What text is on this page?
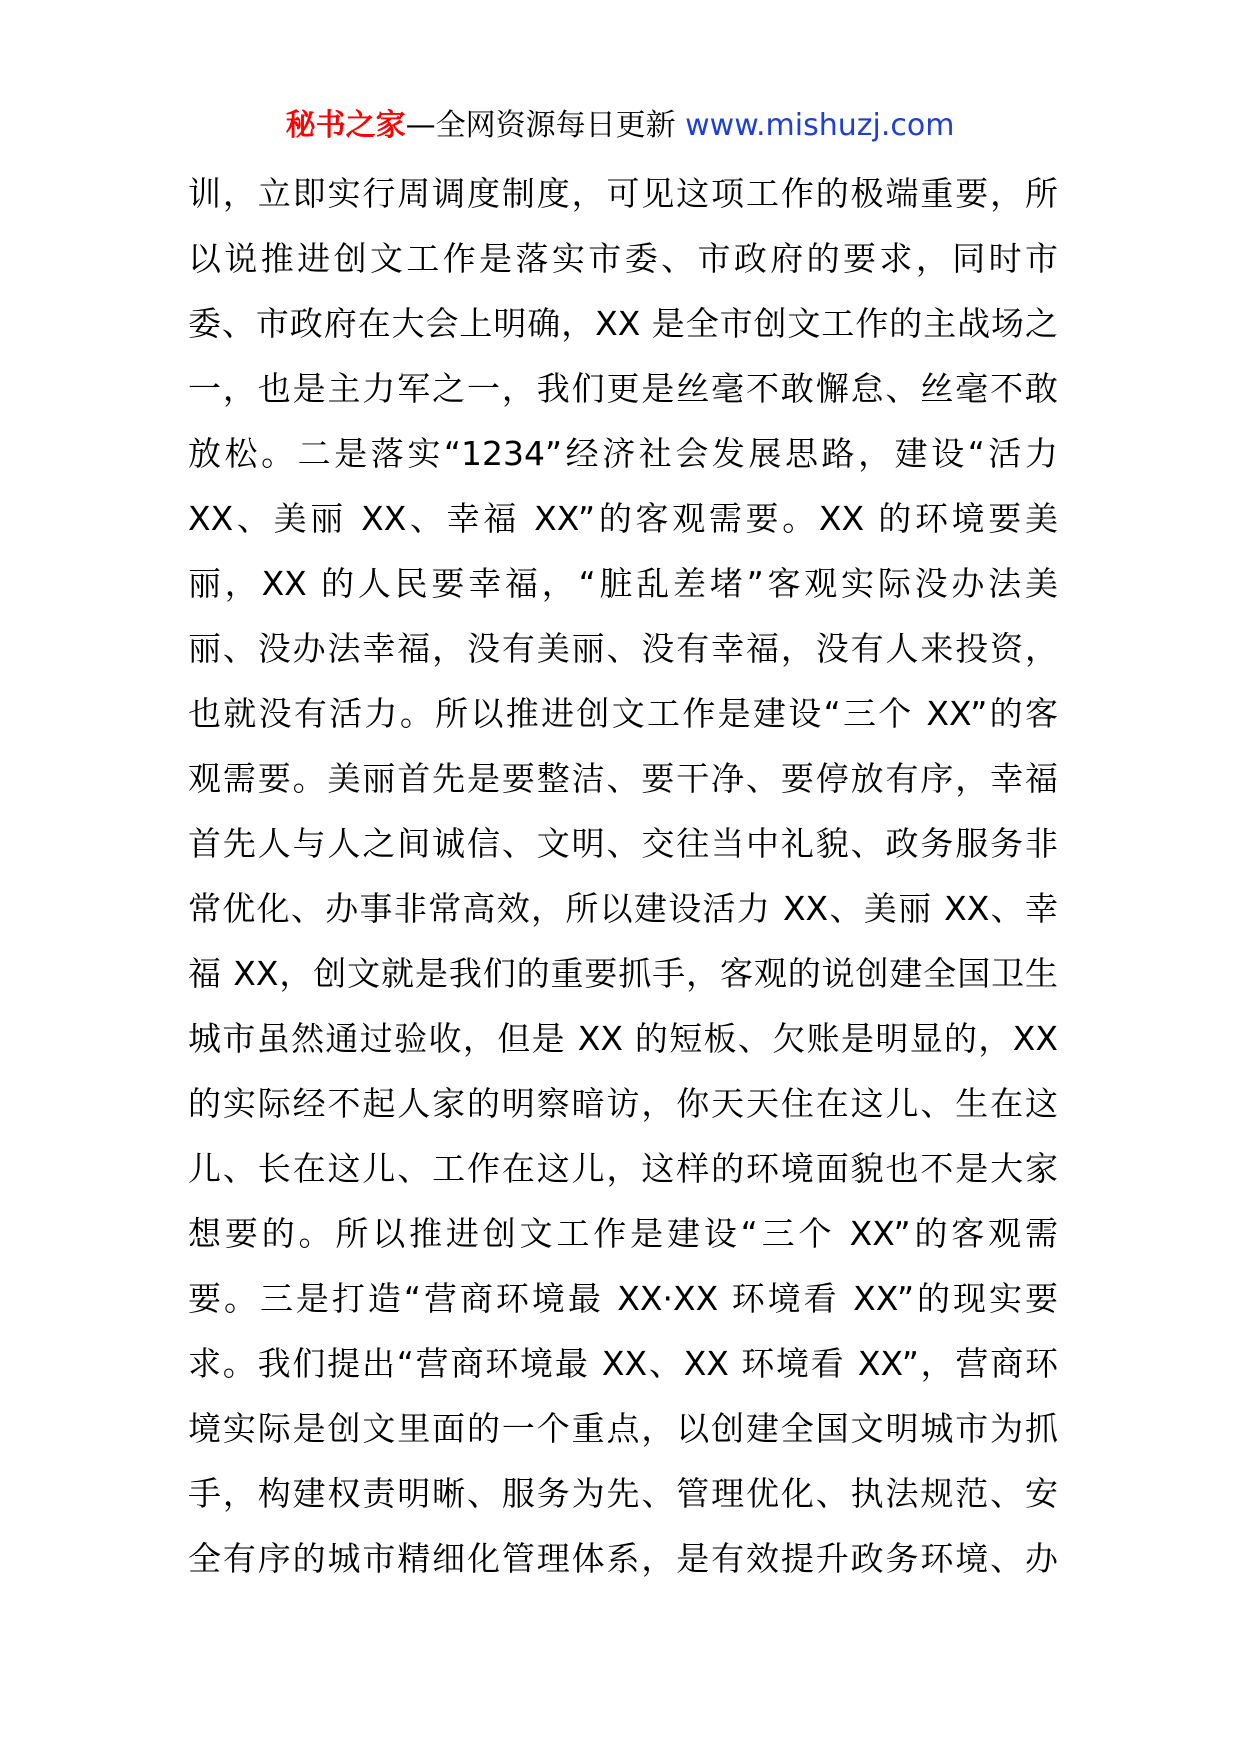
秘书之家—全网资源每日更新 www.mishuzj.com
训，立即实行周调度制度，可见这项工作的极端重要，所
以说推进创文工作是落实市委、市政府的要求，同时市
委、市政府在大会上明确，XX 是全市创文工作的主战场之
一，也是主力军之一，我们更是丝毫不敢懈怠、丝毫不敢
放松。二是落实“1234”经济社会发展思路，建设“活力
XX、美丽 XX、幸福 XX”的客观需要。XX 的环境要美
丽，XX 的人民要幸福，“脏乱差堵”客观实际没办法美
丽、没办法幸福，没有美丽、没有幸福，没有人来投资，
也就没有活力。所以推进创文工作是建设“三个 XX”的客
观需要。美丽首先是要整洁、要干净、要停放有序，幸福
首先人与人之间诚信、文明、交往当中礼貌、政务服务非
常优化、办事非常高效，所以建设活力 XX、美丽 XX、幸
福 XX，创文就是我们的重要抓手，客观的说创建全国卫生
城市虽然通过验收，但是 XX 的短板、欠账是明显的，XX
的实际经不起人家的明察暗访，你天天住在这儿、生在这
儿、长在这儿、工作在这儿，这样的环境面貌也不是大家
想要的。所以推进创文工作是建设“三个 XX”的客观需
要。三是打造“营商环境最 XX·XX 环境看 XX”的现实要
求。我们提出“营商环境最 XX、XX 环境看 XX”，营商环
境实际是创文里面的一个重点，以创建全国文明城市为抓
手，构建权责明晰、服务为先、管理优化、执法规范、安
全有序的城市精细化管理体系，是有效提升政务环境、办
